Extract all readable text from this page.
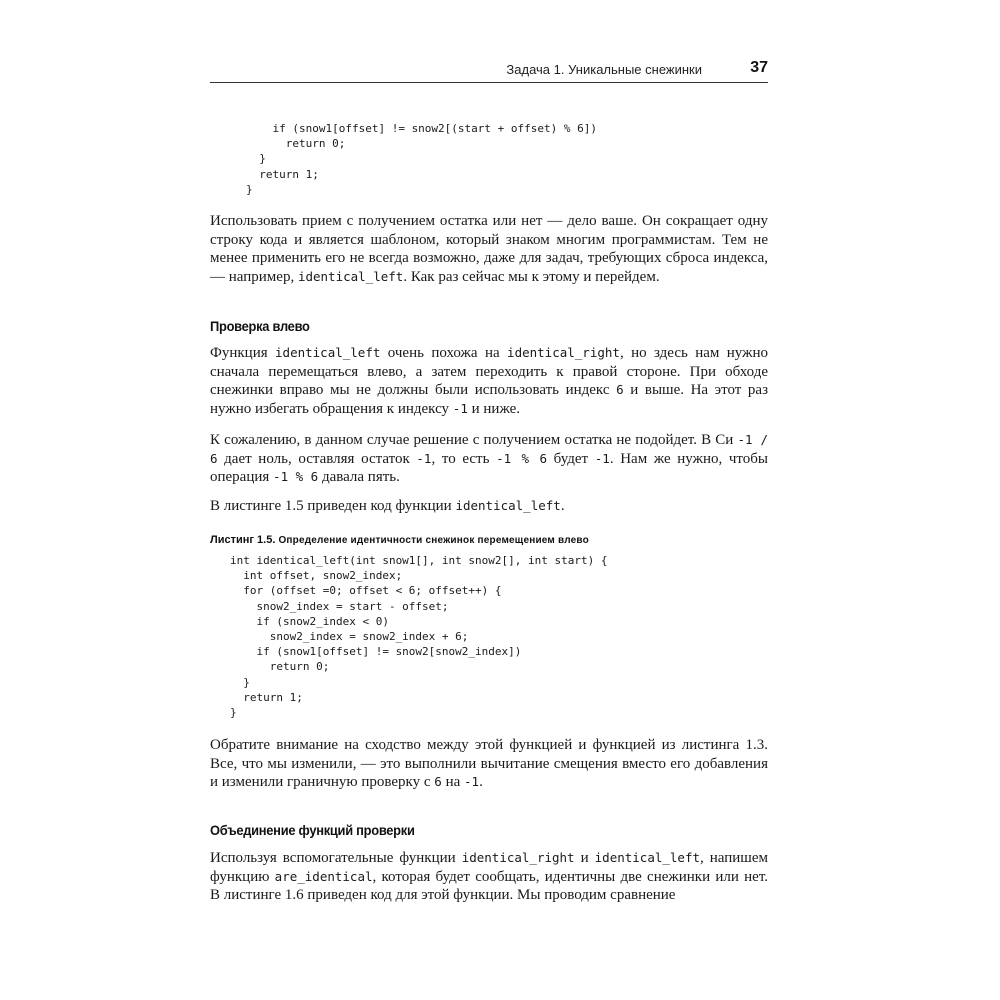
Задача 1. Уникальные снежинки	37
if (snow1[offset] != snow2[(start + offset) % 6])
return 0;
}
return 1;
}

Использовать прием с получением остатка или нет — дело ваше. Он сокращает одну строку кода и является шаблоном, который знаком многим программистам. Тем не менее применить его не всегда возможно, даже для задач, требующих сброса индекса, — например, identical_left. Как раз сейчас мы к этому и перейдем.

Проверка влево

Функция identical_left очень похожа на identical_right, но здесь нам нужно сначала перемещаться влево, а затем переходить к правой стороне. При обходе снежинки вправо мы не должны были использовать индекс 6 и выше. На этот раз нужно избегать обращения к индексу -1 и ниже.

К сожалению, в данном случае решение с получением остатка не подойдет. В Си -1 / 6 дает ноль, оставляя остаток -1, то есть -1 % 6 будет -1. Нам же нужно, чтобы операция -1 % 6 давала пять.

В листинге 1.5 приведен код функции identical_left.

Листинг 1.5. Определение идентичности снежинок перемещением влево
int identical_left(int snow1[], int snow2[], int start) {
int offset, snow2_index;
for (offset =0; offset < 6; offset++) {
snow2_index = start - offset;
if (snow2_index < 0)
snow2_index = snow2_index + 6;
if (snow1[offset] != snow2[snow2_index])
return 0;
}
return 1;
}

Обратите внимание на сходство между этой функцией и функцией из листинга 1.3. Все, что мы изменили, — это выполнили вычитание смещения вместо его добавления и изменили граничную проверку с 6 на -1.

Объединение функций проверки

Используя вспомогательные функции identical_right и identical_left, напишем функцию are_identical, которая будет сообщать, идентичны две снежинки или нет. В листинге 1.6 приведен код для этой функции. Мы проводим сравнение
